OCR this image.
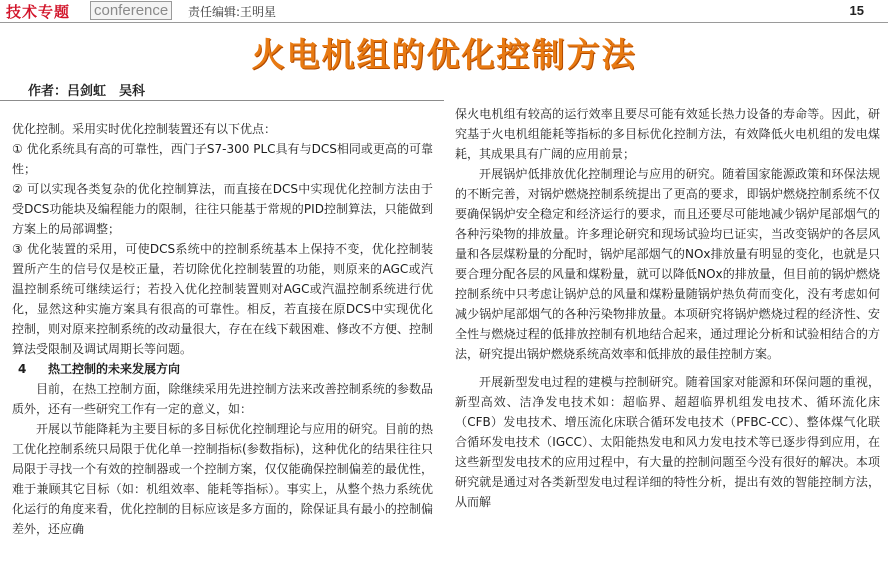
技术专题 conference	责任编辑:王明星	15
火电机组的优化控制方法
作者：吕剑虹　吴科

优化控制。采用实时优化控制装置还有以下优点：

① 优化系统具有高的可靠性，西门子S7-300 PLC具有与DCS相同或更高的可靠性；

② 可以实现各类复杂的优化控制算法，而直接在DCS中实现优化控制方法由于受DCS功能块及编程能力的限制，往往只能基于常规的PID控制算法，只能做到方案上的局部调整；

③ 优化装置的采用，可使DCS系统中的控制系统基本上保持不变，优化控制装置所产生的信号仅是校正量，若切除优化控制装置的功能，则原来的AGC或汽温控制系统可继续运行；若投入优化控制装置则对AGC或汽温控制系统进行优化，显然这种实施方案具有很高的可靠性。相反，若直接在原DCS中实现优化控制，则对原来控制系统的改动量很大，存在在线下载困难、修改不方便、控制算法受限制及调试周期长等问题。

4 热工控制的未来发展方向

目前，在热工控制方面，除继续采用先进控制方法来改善控制系统的参数品质外，还有一些研究工作有一定的意义，如：

开展以节能降耗为主要目标的多目标优化控制理论与应用的研究。目前的热工优化控制系统只局限于优化单一控制指标(参数指标)，这种优化的结果往往只局限于寻找一个有效的控制器或一个控制方案，仅仅能确保控制偏差的最优性，难于兼顾其它目标（如：机组效率、能耗等指标）。事实上，从整个热力系统优化运行的角度来看，优化控制的目标应该是多方面的，除保证具有最小的控制偏差外，还应确

保火电机组有较高的运行效率且要尽可能有效延长热力设备的寿命等。因此，研究基于火电机组能耗等指标的多目标优化控制方法，有效降低火电机组的发电煤耗，其成果具有广阔的应用前景；

开展锅炉低排放优化控制理论与应用的研究。随着国家能源政策和环保法规的不断完善，对锅炉燃烧控制系统提出了更高的要求，即锅炉燃烧控制系统不仅要确保锅炉安全稳定和经济运行的要求，而且还要尽可能地减少锅炉尾部烟气的各种污染物的排放量。许多理论研究和现场试验均已证实，当改变锅炉的各层风量和各层煤粉量的分配时，锅炉尾部烟气的NOx排放量有明显的变化，也就是只要合理分配各层的风量和煤粉量，就可以降低NOx的排放量，但目前的锅炉燃烧控制系统中只考虑让锅炉总的风量和煤粉量随锅炉热负荷而变化，没有考虑如何减少锅炉尾部烟气的各种污染物排放量。本项研究将锅炉燃烧过程的经济性、安全性与燃烧过程的低排放控制有机地结合起来，通过理论分析和试验相结合的方法，研究提出锅炉燃烧系统高效率和低排放的最佳控制方案。

开展新型发电过程的建模与控制研究。随着国家对能源和环保问题的重视，新型高效、洁净发电技术如：超临界、超超临界机组发电技术、循环流化床（CFB）发电技术、增压流化床联合循环发电技术（PFBC-CC）、整体煤气化联合循环发电技术（IGCC）、太阳能热发电和风力发电技术等已逐步得到应用，在这些新型发电技术的应用过程中，有大量的控制问题至今没有很好的解决。本项研究就是通过对各类新型发电过程详细的特性分析，提出有效的智能控制方法，从而解
